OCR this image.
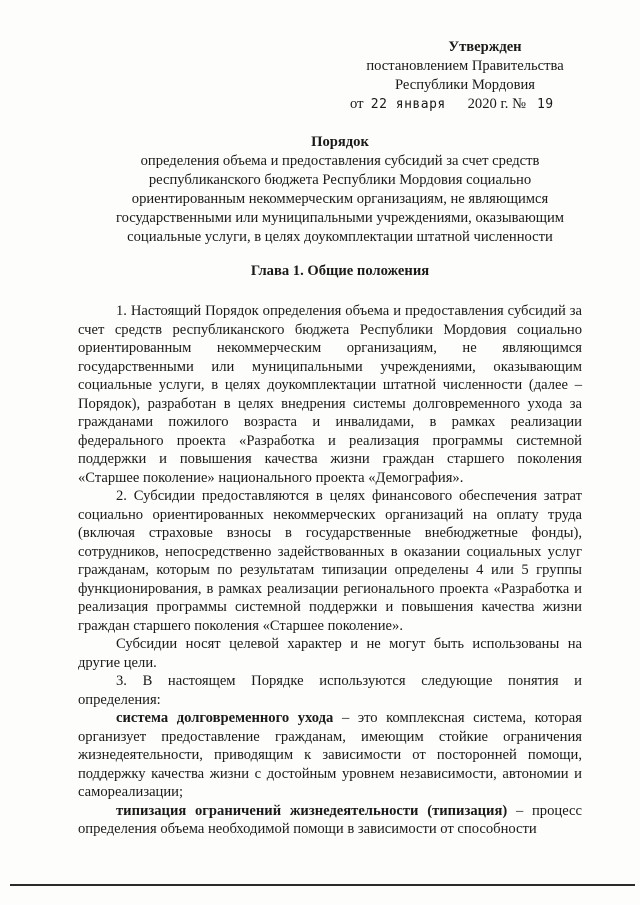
Утвержден
постановлением Правительства
Республики Мордовия
от 22 января 2020 г. № 19
Порядок
определения объема и предоставления субсидий за счет средств
республиканского бюджета Республики Мордовия социально
ориентированным некоммерческим организациям, не являющимся
государственными или муниципальными учреждениями, оказывающим
социальные услуги, в целях доукомплектации штатной численности
Глава 1. Общие положения

1. Настоящий Порядок определения объема и предоставления субсидий за счет средств республиканского бюджета Республики Мордовия социально ориентированным некоммерческим организациям, не являющимся государственными или муниципальными учреждениями, оказывающим социальные услуги, в целях доукомплектации штатной численности (далее – Порядок), разработан в целях внедрения системы долговременного ухода за гражданами пожилого возраста и инвалидами, в рамках реализации федерального проекта «Разработка и реализация программы системной поддержки и повышения качества жизни граждан старшего поколения «Старшее поколение» национального проекта «Демография».

2. Субсидии предоставляются в целях финансового обеспечения затрат социально ориентированных некоммерческих организаций на оплату труда (включая страховые взносы в государственные внебюджетные фонды), сотрудников, непосредственно задействованных в оказании социальных услуг гражданам, которым по результатам типизации определены 4 или 5 группы функционирования, в рамках реализации регионального проекта «Разработка и реализация программы системной поддержки и повышения качества жизни граждан старшего поколения «Старшее поколение».

Субсидии носят целевой характер и не могут быть использованы на другие цели.

3. В настоящем Порядке используются следующие понятия и определения:

система долговременного ухода – это комплексная система, которая организует предоставление гражданам, имеющим стойкие ограничения жизнедеятельности, приводящим к зависимости от посторонней помощи, поддержку качества жизни с достойным уровнем независимости, автономии и самореализации;

типизация ограничений жизнедеятельности (типизация) – процесс определения объема необходимой помощи в зависимости от способности
